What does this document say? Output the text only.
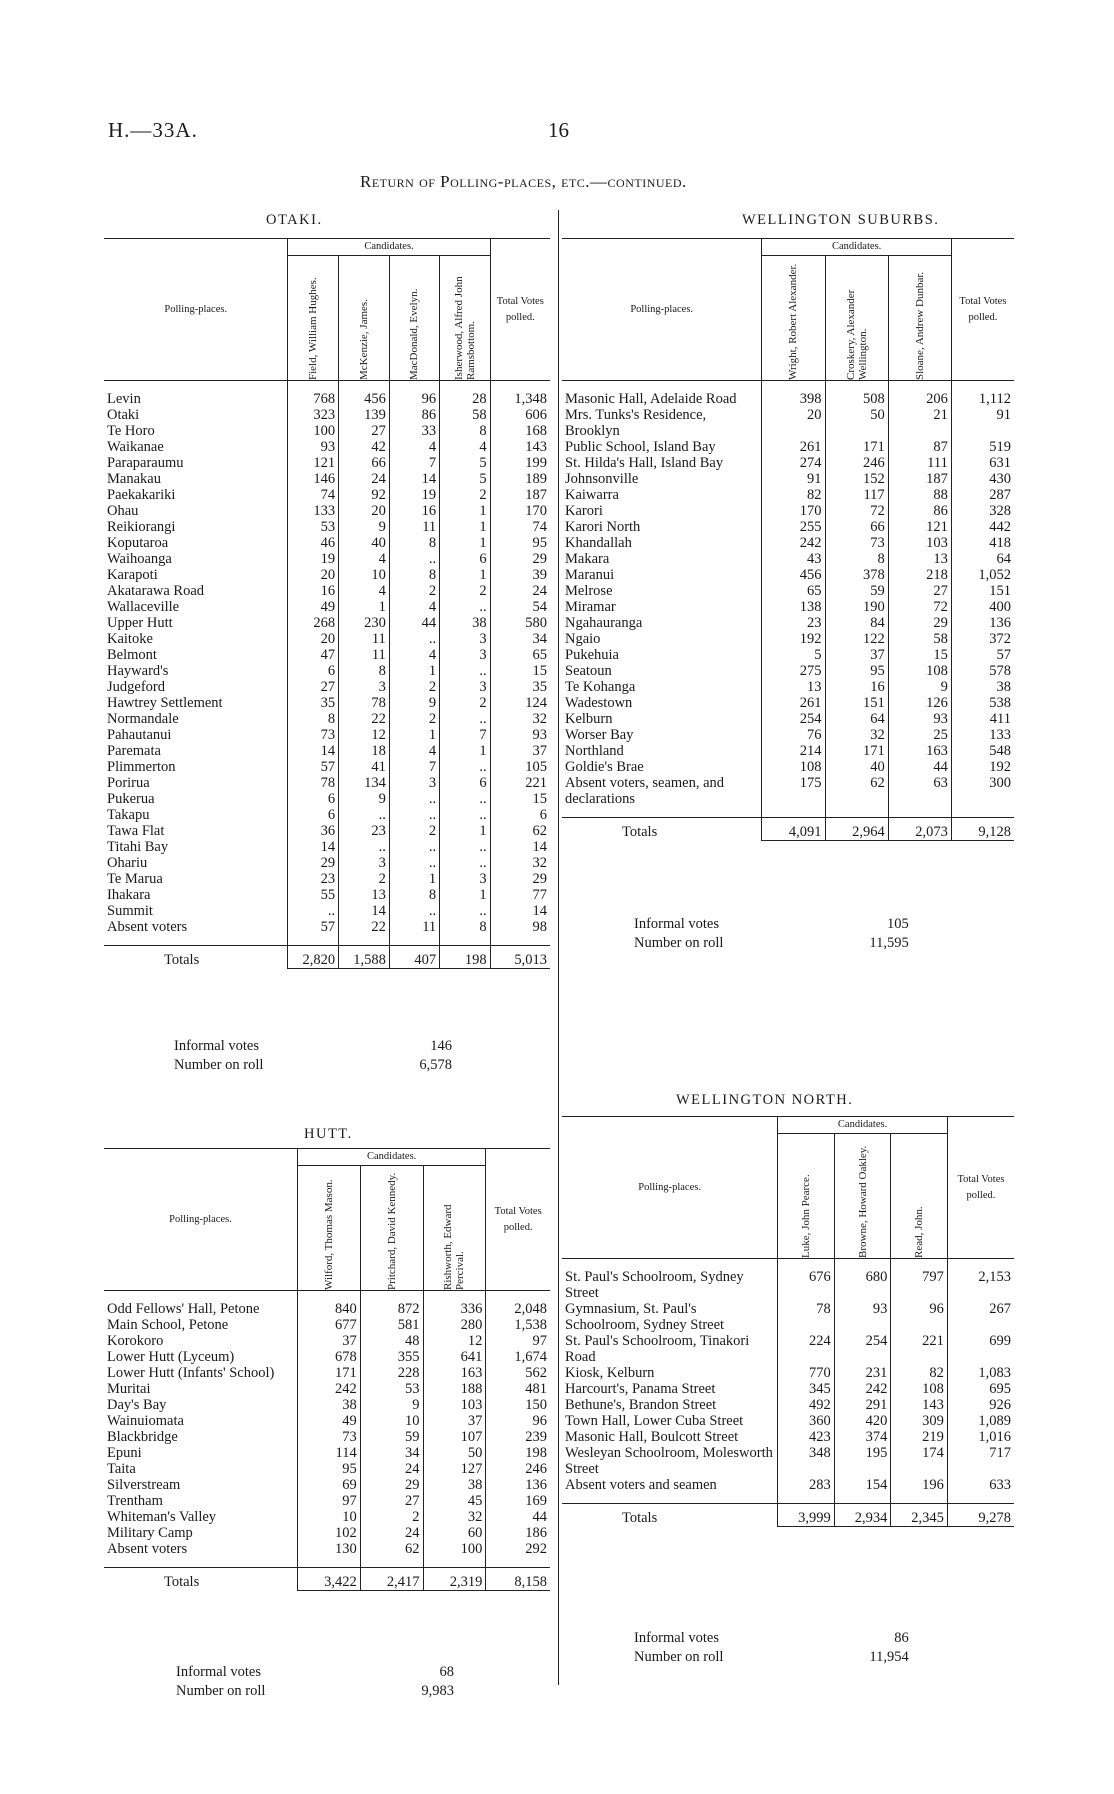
H.—33A.	16
Return of Polling-places, etc.—continued.
OTAKI.
Polling-places.	Candidates.				Total Votes polled.

	Field, William Hughes.	McKenzie, James.	MacDonald, Evelyn.	Isherwood, Alfred John Ramsbottom.	

Levin	768	456	96	28	1,348
Otaki	323	139	86	58	606
Te Horo	100	27	33	8	168
Waikanae	93	42	4	4	143
Paraparaumu	121	66	7	5	199
Manakau	146	24	14	5	189
Paekakariki	74	92	19	2	187
Ohau	133	20	16	1	170
Reikiorangi	53	9	11	1	74
Koputaroa	46	40	8	1	95
Waihoanga	19	4	..	6	29
Karapoti	20	10	8	1	39
Akatarawa Road	16	4	2	2	24
Wallaceville	49	1	4	..	54
Upper Hutt	268	230	44	38	580
Kaitoke	20	11	..	3	34
Belmont	47	11	4	3	65
Hayward's	6	8	1	..	15
Judgeford	27	3	2	3	35
Hawtrey Settlement	35	78	9	2	124
Normandale	8	22	2	..	32
Pahautanui	73	12	1	7	93
Paremata	14	18	4	1	37
Plimmerton	57	41	7	..	105
Porirua	78	134	3	6	221
Pukerua	6	9	..	..	15
Takapu	6	..	..	..	6
Tawa Flat	36	23	2	1	62
Titahi Bay	14	..	..	..	14
Ohariu	29	3	..	..	32
Te Marua	23	2	1	3	29
Ihakara	55	13	8	1	77
Summit	..	14	..	..	14
Absent voters	57	22	11	8	98

Totals	2,820	1,588	407	198	5,013
Informal votes		146
Number on roll		6,578
HUTT.
Polling-places.	Candidates.			Total Votes polled.

	Wilford, Thomas Mason.	Pritchard, David Kennedy.	Rishworth, Edward Percival.	

Odd Fellows' Hall, Petone	840	872	336	2,048
Main School, Petone	677	581	280	1,538
Korokoro	37	48	12	97
Lower Hutt (Lyceum)	678	355	641	1,674
Lower Hutt (Infants' School)	171	228	163	562
Muritai	242	53	188	481
Day's Bay	38	9	103	150
Wainuiomata	49	10	37	96
Blackbridge	73	59	107	239
Epuni	114	34	50	198
Taita	95	24	127	246
Silverstream	69	29	38	136
Trentham	97	27	45	169
Whiteman's Valley	10	2	32	44
Military Camp	102	24	60	186
Absent voters	130	62	100	292

Totals	3,422	2,417	2,319	8,158
Informal votes		68
Number on roll		9,983
WELLINGTON SUBURBS.
Polling-places.	Candidates.			Total Votes polled.

	Wright, Robert Alexander.	Croskery, Alexander Wellington.	Sloane, Andrew Dunbar.	

Masonic Hall, Adelaide Road	398	508	206	1,112
Mrs. Tunks's Residence, Brooklyn	20	50	21	91
Public School, Island Bay	261	171	87	519
St. Hilda's Hall, Island Bay	274	246	111	631
Johnsonville	91	152	187	430
Kaiwarra	82	117	88	287
Karori	170	72	86	328
Karori North	255	66	121	442
Khandallah	242	73	103	418
Makara	43	8	13	64
Maranui	456	378	218	1,052
Melrose	65	59	27	151
Miramar	138	190	72	400
Ngahauranga	23	84	29	136
Ngaio	192	122	58	372
Pukehuia	5	37	15	57
Seatoun	275	95	108	578
Te Kohanga	13	16	9	38
Wadestown	261	151	126	538
Kelburn	254	64	93	411
Worser Bay	76	32	25	133
Northland	214	171	163	548
Goldie's Brae	108	40	44	192
Absent voters, seamen, and declarations	175	62	63	300

Totals	4,091	2,964	2,073	9,128
Informal votes		105
Number on roll		11,595
WELLINGTON NORTH.
Polling-places.	Candidates.			Total Votes polled.

	Luke, John Pearce.	Browne, Howard Oakley.	Read, John.	

St. Paul's Schoolroom, Sydney Street	676	680	797	2,153
Gymnasium, St. Paul's Schoolroom, Sydney Street	78	93	96	267
St. Paul's Schoolroom, Tinakori Road	224	254	221	699
Kiosk, Kelburn	770	231	82	1,083
Harcourt's, Panama Street	345	242	108	695
Bethune's, Brandon Street	492	291	143	926
Town Hall, Lower Cuba Street	360	420	309	1,089
Masonic Hall, Boulcott Street	423	374	219	1,016
Wesleyan Schoolroom, Molesworth Street	348	195	174	717
Absent voters and seamen	283	154	196	633

Totals	3,999	2,934	2,345	9,278
Informal votes		86
Number on roll		11,954
